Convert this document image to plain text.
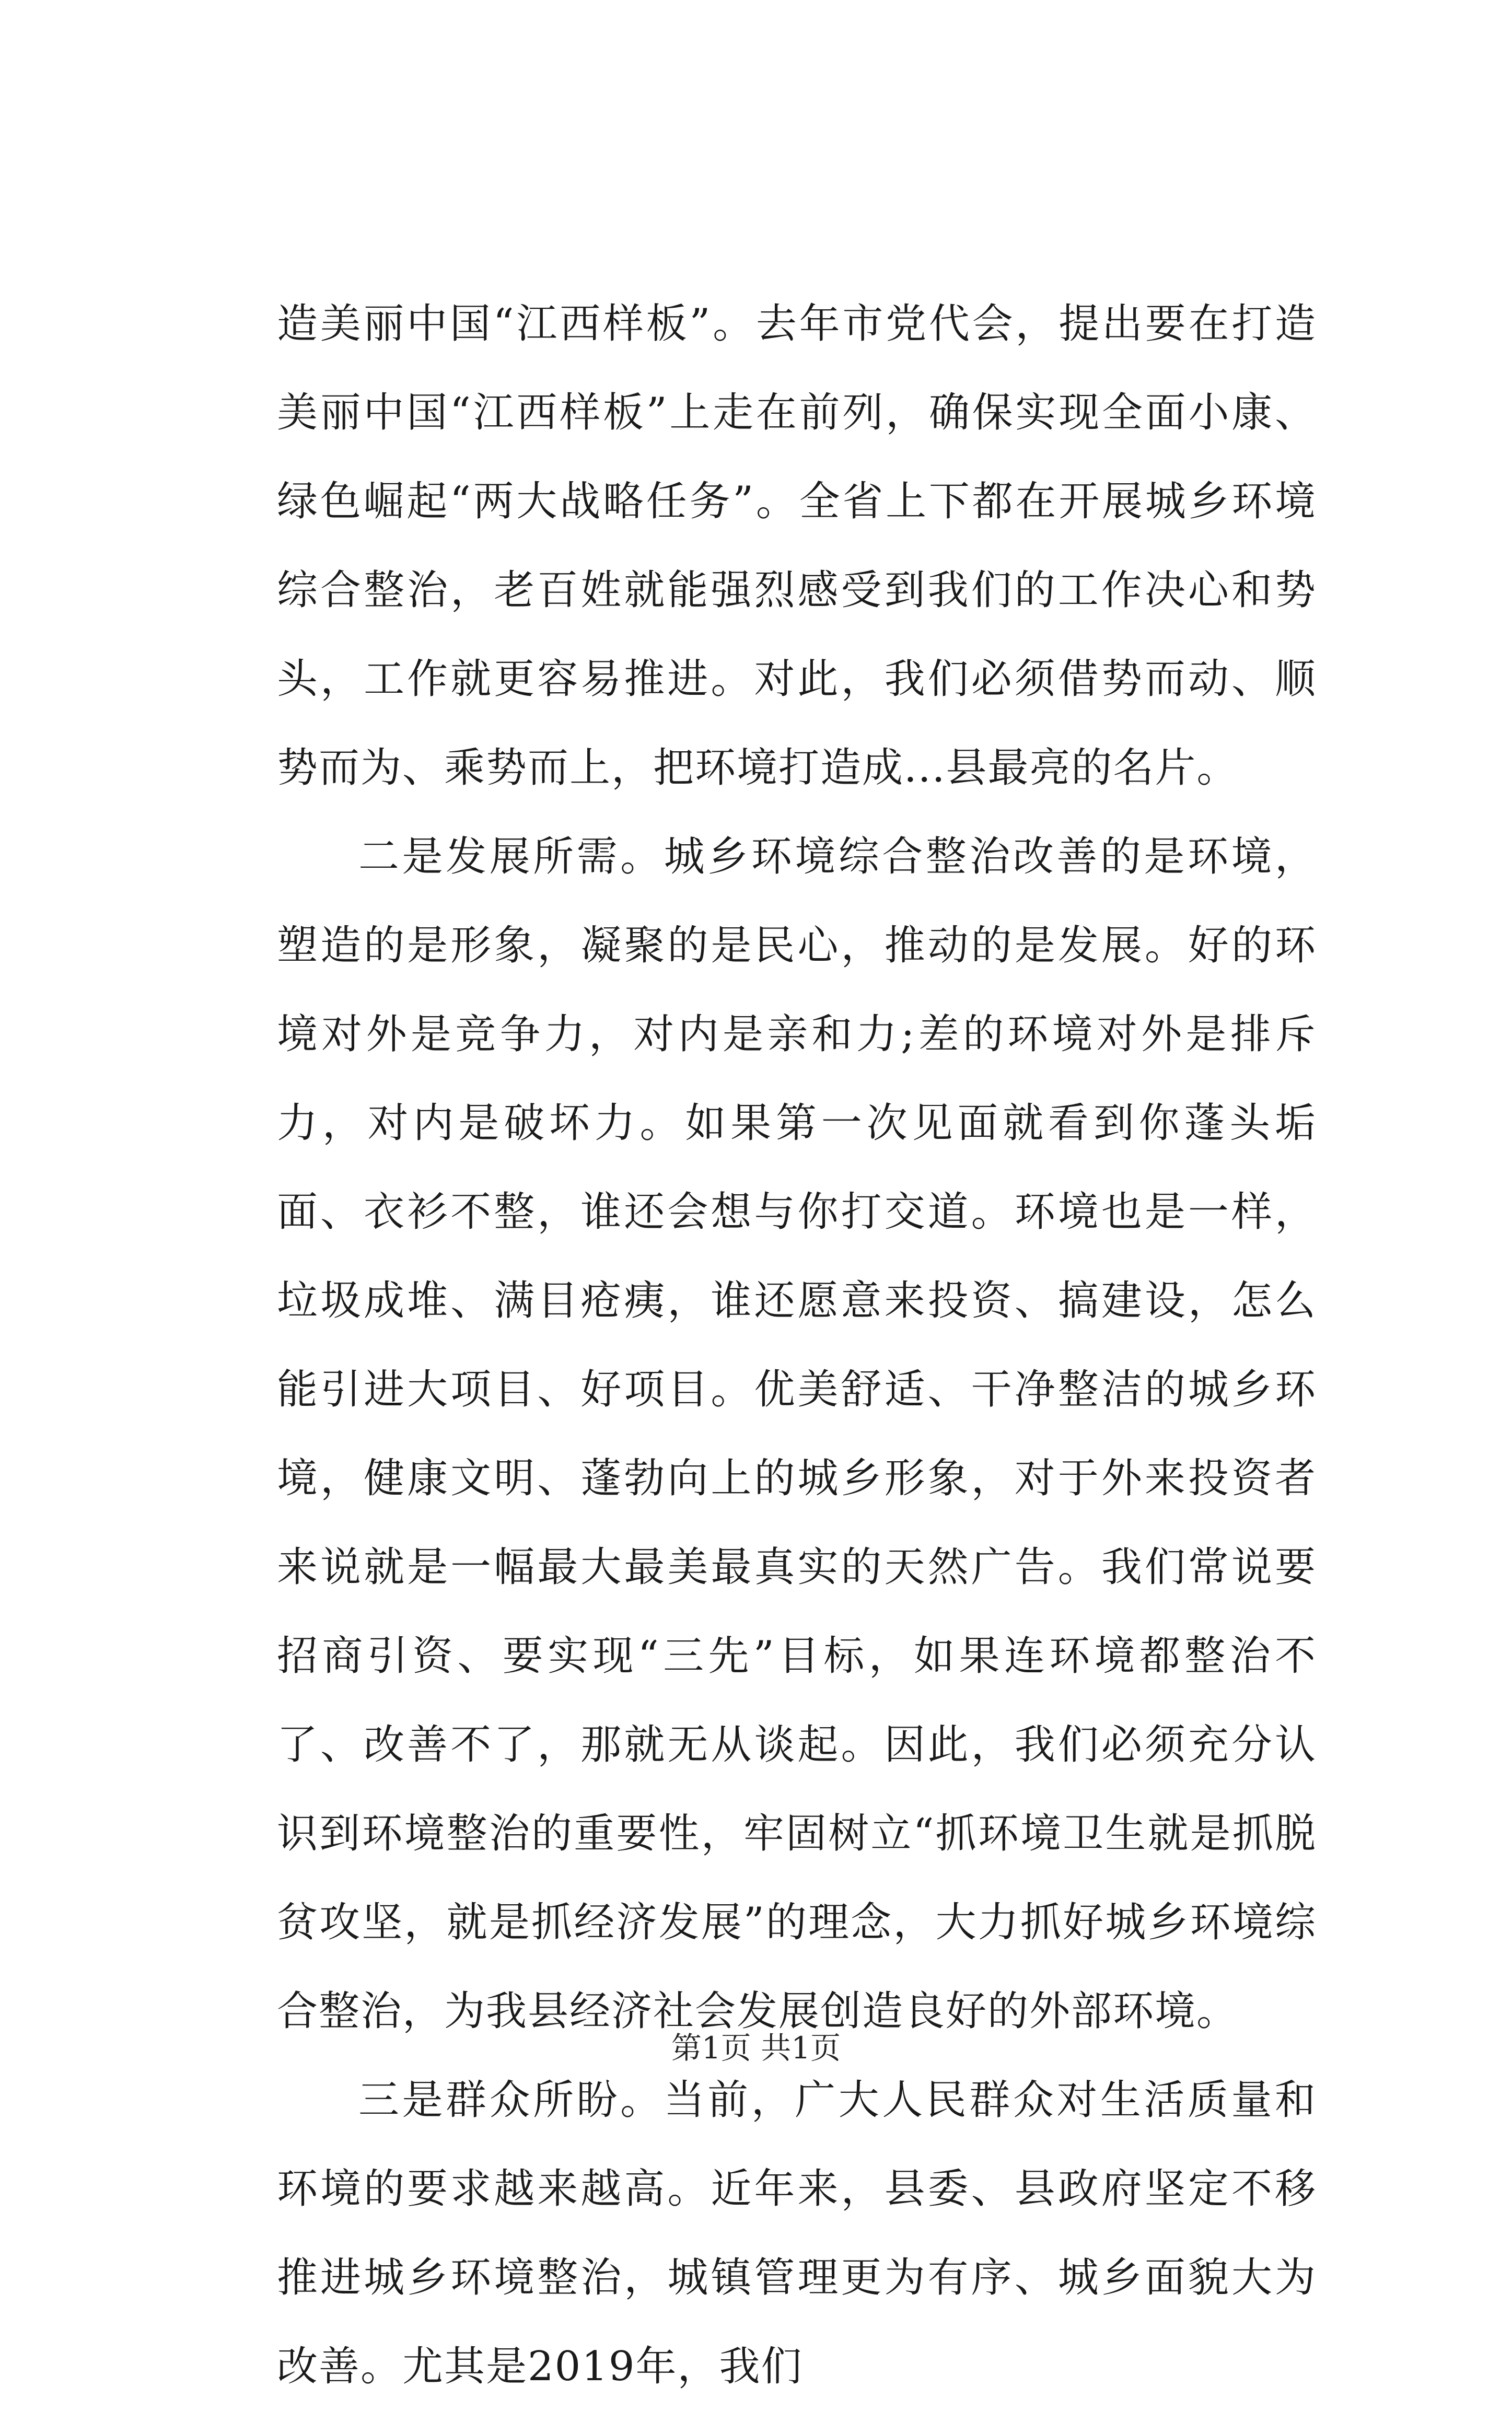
造美丽中国“江西样板”。去年市党代会，提出要在打造美丽中国“江西样板”上走在前列，确保实现全面小康、绿色崛起“两大战略任务”。全省上下都在开展城乡环境综合整治，老百姓就能强烈感受到我们的工作决心和势头，工作就更容易推进。对此，我们必须借势而动、顺势而为、乘势而上，把环境打造成...县最亮的名片。

二是发展所需。城乡环境综合整治改善的是环境，塑造的是形象，凝聚的是民心，推动的是发展。好的环境对外是竞争力，对内是亲和力;差的环境对外是排斥力，对内是破坏力。如果第一次见面就看到你蓬头垢面、衣衫不整，谁还会想与你打交道。环境也是一样，垃圾成堆、满目疮痍，谁还愿意来投资、搞建设，怎么能引进大项目、好项目。优美舒适、干净整洁的城乡环境，健康文明、蓬勃向上的城乡形象，对于外来投资者来说就是一幅最大最美最真实的天然广告。我们常说要招商引资、要实现“三先”目标，如果连环境都整治不了、改善不了，那就无从谈起。因此，我们必须充分认识到环境整治的重要性，牢固树立“抓环境卫生就是抓脱贫攻坚，就是抓经济发展”的理念，大力抓好城乡环境综合整治，为我县经济社会发展创造良好的外部环境。

三是群众所盼。当前，广大人民群众对生活质量和环境的要求越来越高。近年来，县委、县政府坚定不移推进城乡环境整治，城镇管理更为有序、城乡面貌大为改善。尤其是2019年，我们

第1页 共1页
